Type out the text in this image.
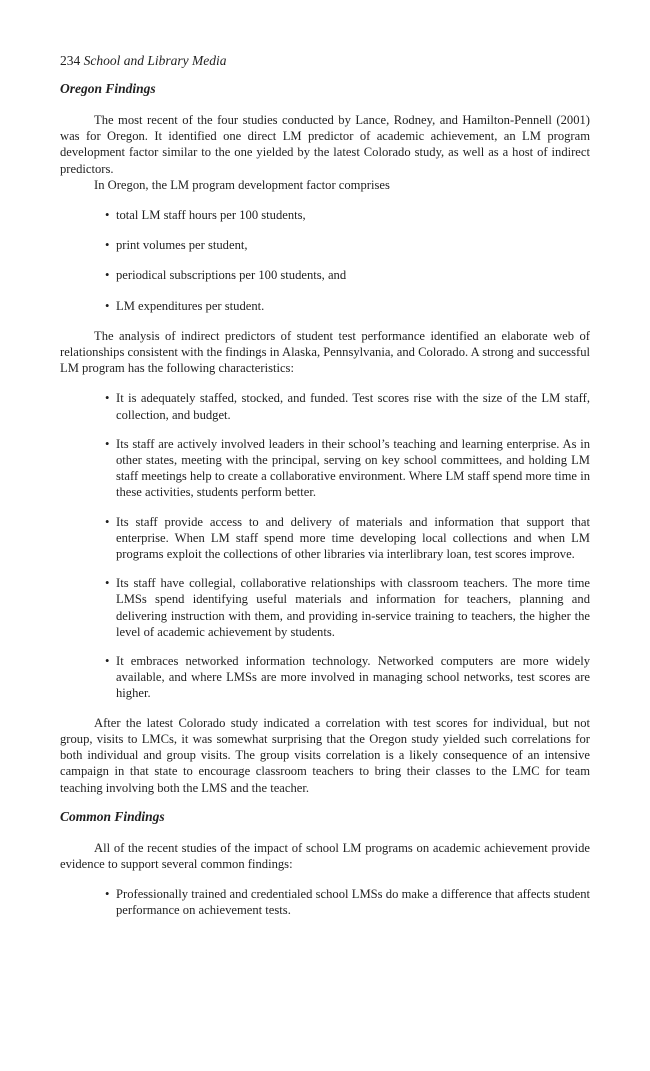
234 School and Library Media
Oregon Findings

The most recent of the four studies conducted by Lance, Rodney, and Hamilton-Pennell (2001) was for Oregon. It identified one direct LM predictor of academic achievement, an LM program development factor similar to the one yielded by the latest Colorado study, as well as a host of indirect predictors.

In Oregon, the LM program development factor comprises

• total LM staff hours per 100 students,
• print volumes per student,
• periodical subscriptions per 100 students, and
• LM expenditures per student.

The analysis of indirect predictors of student test performance identified an elaborate web of relationships consistent with the findings in Alaska, Pennsylvania, and Colorado. A strong and successful LM program has the following characteristics:

• It is adequately staffed, stocked, and funded. Test scores rise with the size of the LM staff, collection, and budget.
• Its staff are actively involved leaders in their school’s teaching and learning enterprise. As in other states, meeting with the principal, serving on key school committees, and holding LM staff meetings help to create a collaborative environment. Where LM staff spend more time in these activities, students perform better.
• Its staff provide access to and delivery of materials and information that support that enterprise. When LM staff spend more time developing local collections and when LM programs exploit the collections of other libraries via interlibrary loan, test scores improve.
• Its staff have collegial, collaborative relationships with classroom teachers. The more time LMSs spend identifying useful materials and information for teachers, planning and delivering instruction with them, and providing in-service training to teachers, the higher the level of academic achievement by students.
• It embraces networked information technology. Networked computers are more widely available, and where LMSs are more involved in managing school networks, test scores are higher.

After the latest Colorado study indicated a correlation with test scores for individual, but not group, visits to LMCs, it was somewhat surprising that the Oregon study yielded such correlations for both individual and group visits. The group visits correlation is a likely consequence of an intensive campaign in that state to encourage classroom teachers to bring their classes to the LMC for team teaching involving both the LMS and the teacher.

Common Findings

All of the recent studies of the impact of school LM programs on academic achievement provide evidence to support several common findings:

• Professionally trained and credentialed school LMSs do make a difference that affects student performance on achievement tests.
